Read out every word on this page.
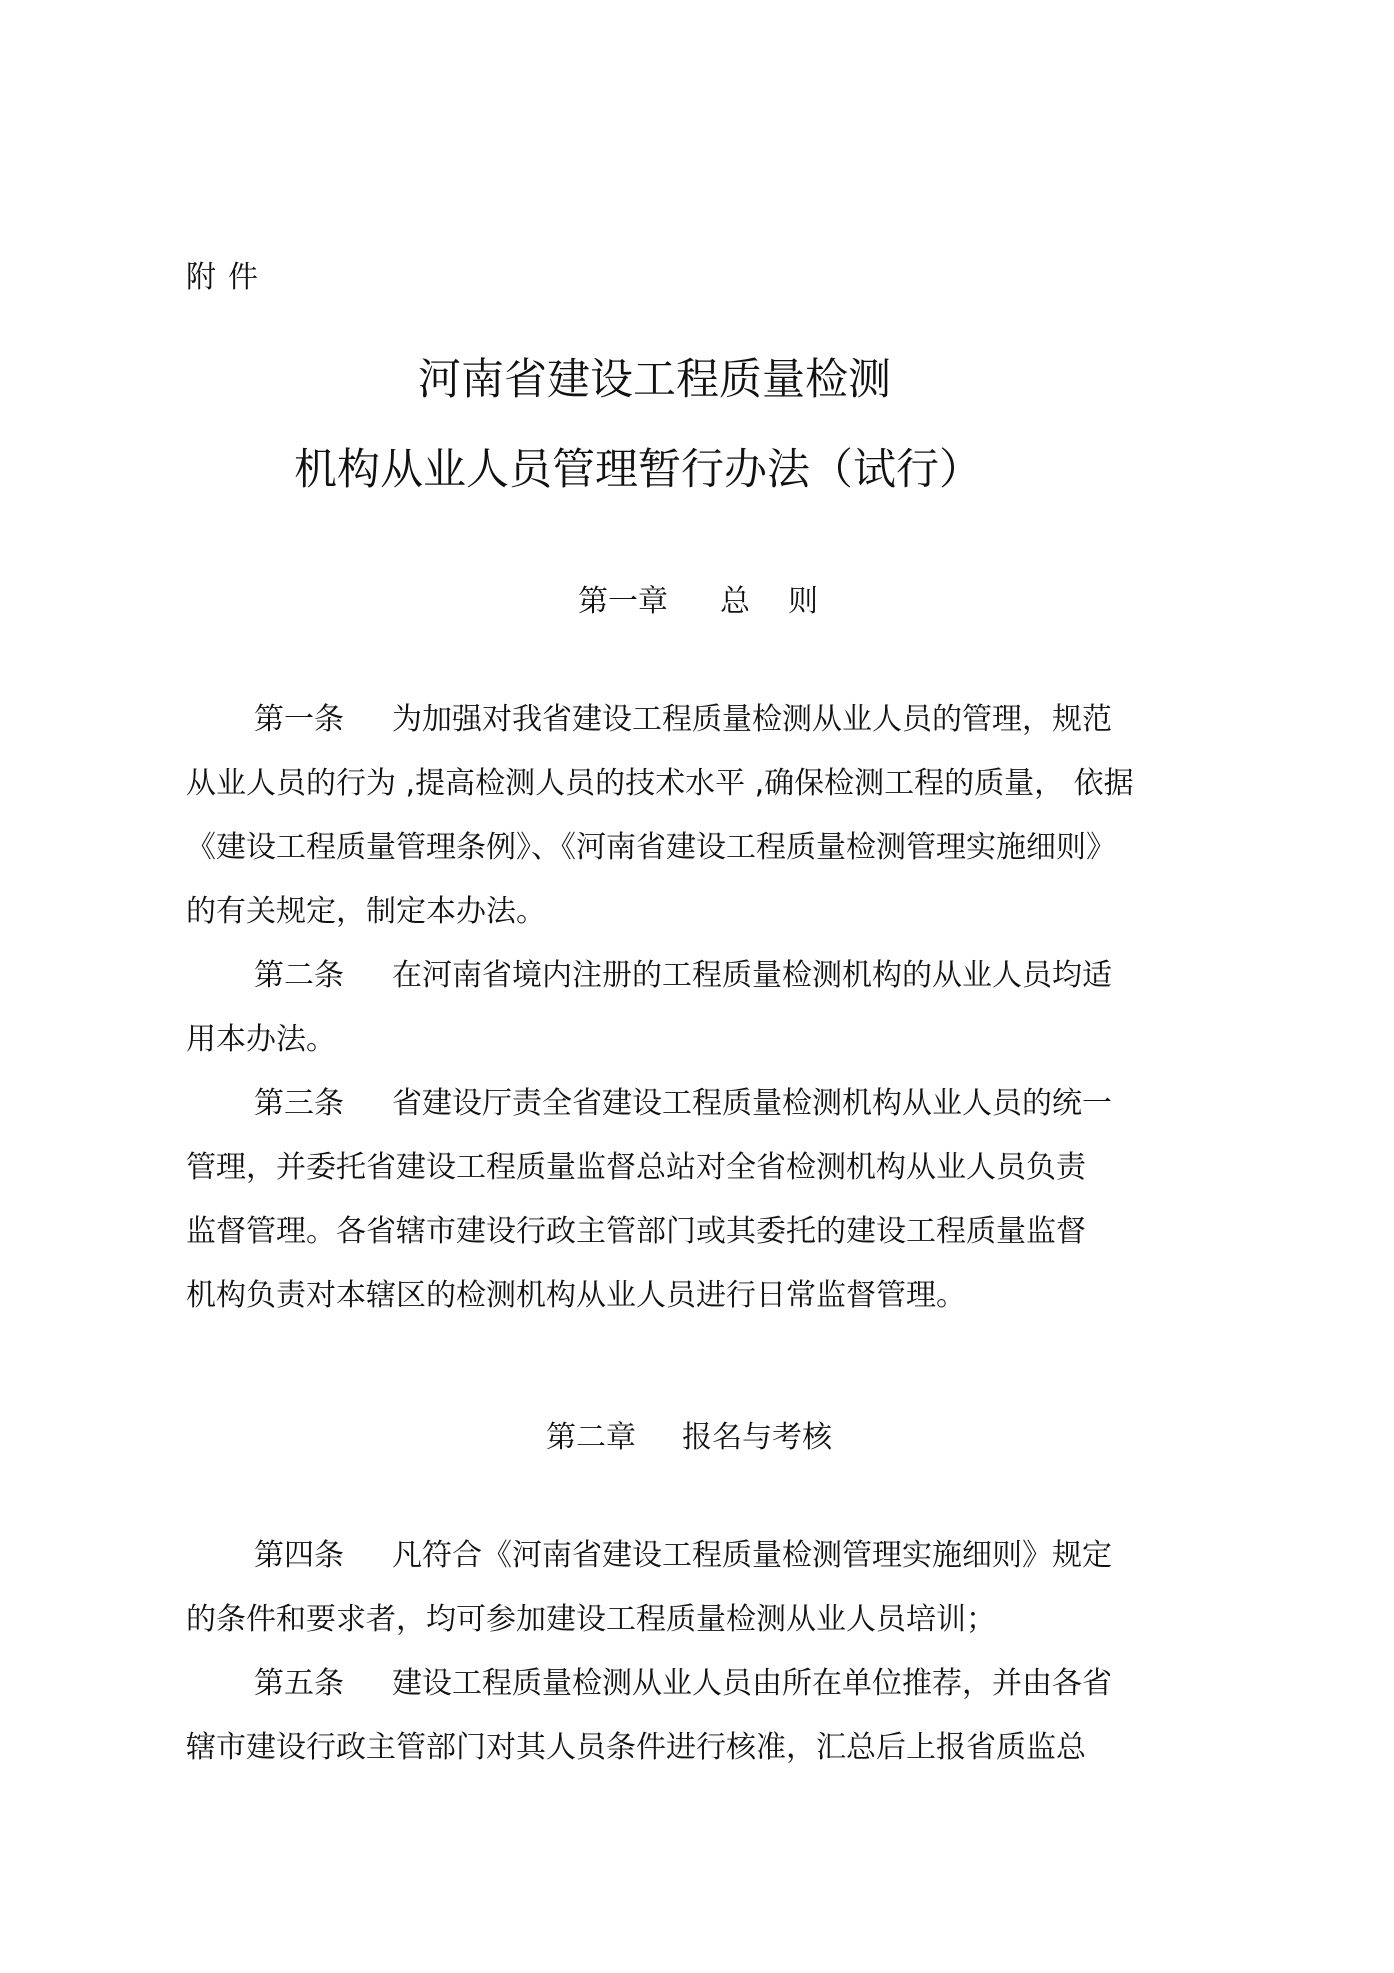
附件
河南省建设工程质量检测
机构从业人员管理暂行办法（试行）
第一章 总则
第一条 为加强对我省建设工程质量检测从业人员的管理，规范
从业人员的行为 ,提高检测人员的技术水平 ,确保检测工程的质量， 依据
《建设工程质量管理条例》、《河南省建设工程质量检测管理实施细则》
的有关规定，制定本办法。
第二条 在河南省境内注册的工程质量检测机构的从业人员均适
用本办法。
第三条 省建设厅责全省建设工程质量检测机构从业人员的统一
管理，并委托省建设工程质量监督总站对全省检测机构从业人员负责
监督管理。各省辖市建设行政主管部门或其委托的建设工程质量监督
机构负责对本辖区的检测机构从业人员进行日常监督管理。
第二章 报名与考核
第四条 凡符合《河南省建设工程质量检测管理实施细则》规定
的条件和要求者，均可参加建设工程质量检测从业人员培训；
第五条 建设工程质量检测从业人员由所在单位推荐，并由各省
辖市建设行政主管部门对其人员条件进行核准，汇总后上报省质监总
